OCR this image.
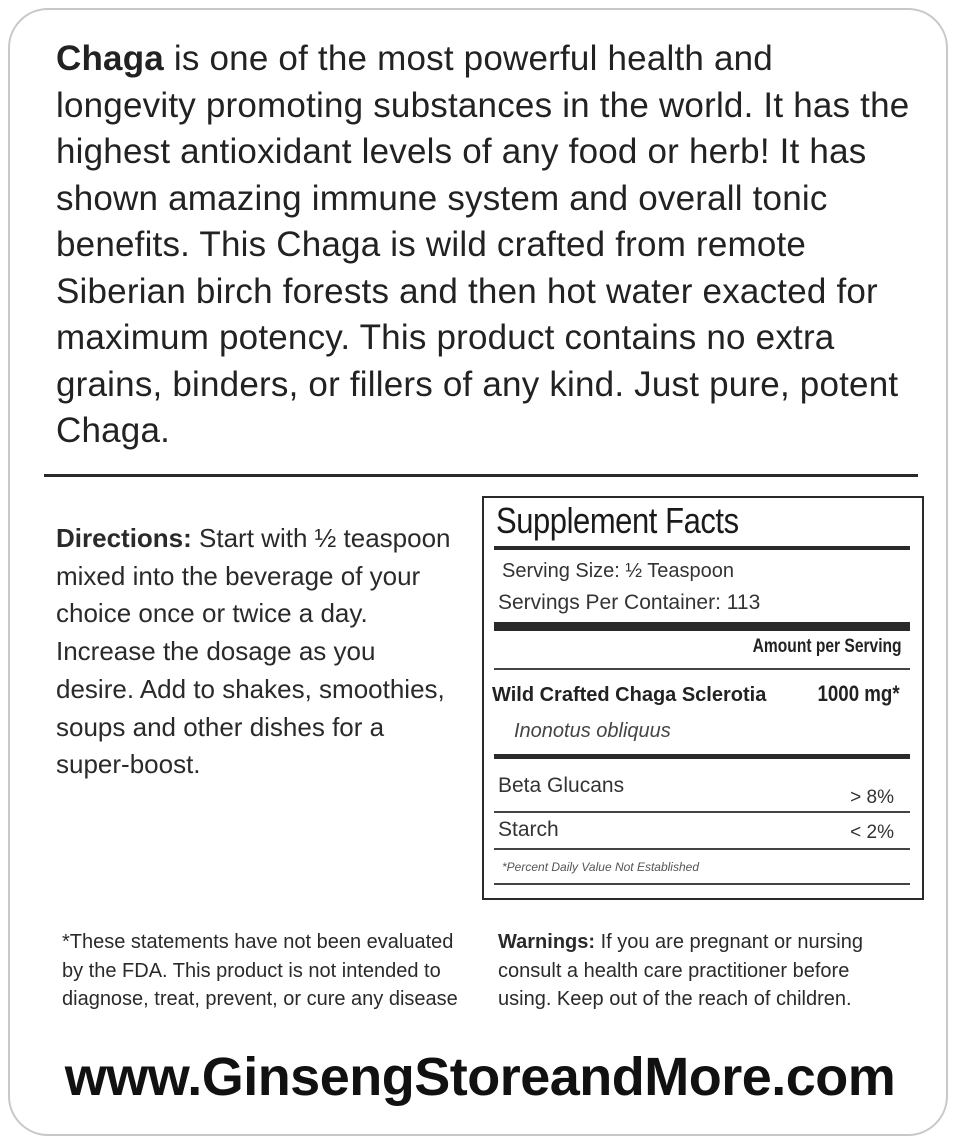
Chaga is one of the most powerful health and longevity promoting substances in the world. It has the highest antioxidant levels of any food or herb! It has shown amazing immune system and overall tonic benefits. This Chaga is wild crafted from remote Siberian birch forests and then hot water exacted for maximum potency. This product contains no extra grains, binders, or fillers of any kind. Just pure, potent Chaga.
Directions: Start with ½ teaspoon mixed into the beverage of your choice once or twice a day. Increase the dosage as you desire. Add to shakes, smoothies, soups and other dishes for a super-boost.
Supplement Facts
Serving Size: ½ Teaspoon
Servings Per Container: 113
Amount per Serving
Wild Crafted Chaga Sclerotia 1000 mg*
Inonotus obliquus
Beta Glucans
> 8%
Starch	< 2%
*Percent Daily Value Not Established
*These statements have not been evaluated by the FDA. This product is not intended to diagnose, treat, prevent, or cure any disease
Warnings: If you are pregnant or nursing consult a health care practitioner before using. Keep out of the reach of children.
www.GinsengStoreandMore.com
